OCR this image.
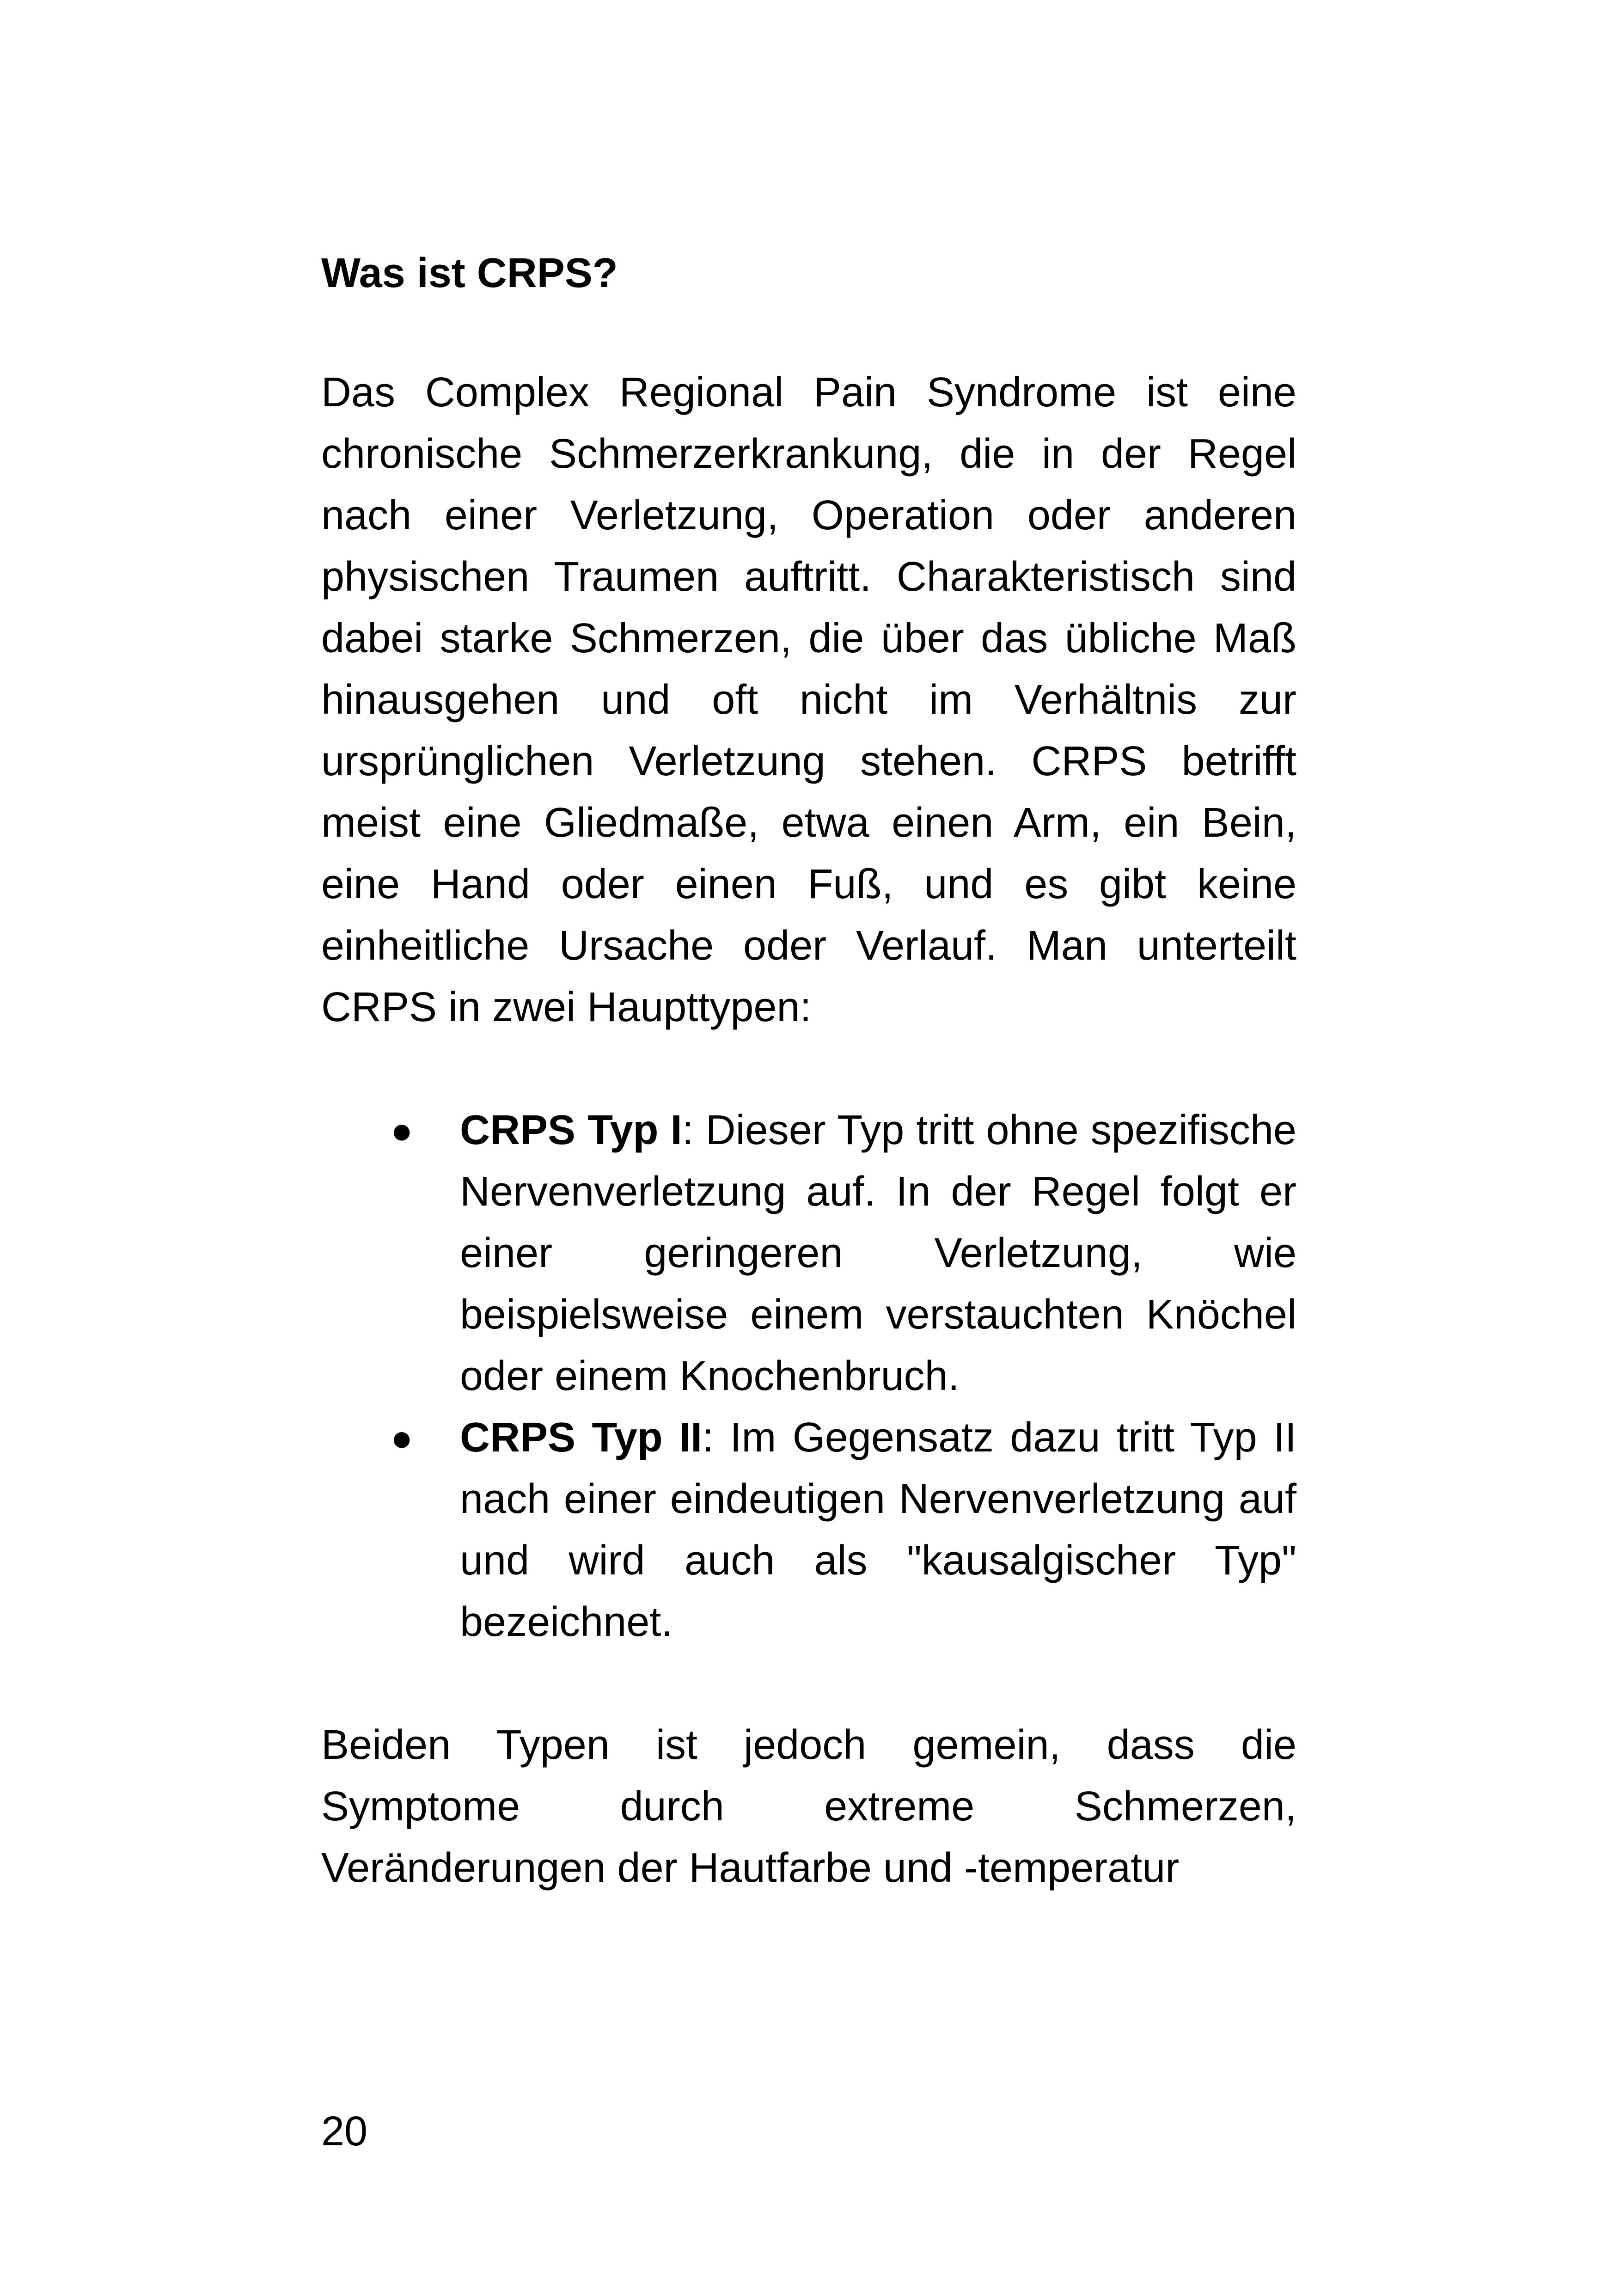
Was ist CRPS?

Das Complex Regional Pain Syndrome ist eine chronische Schmerzerkrankung, die in der Regel nach einer Verletzung, Operation oder anderen physischen Traumen auftritt. Charakteristisch sind dabei starke Schmerzen, die über das übliche Maß hinausgehen und oft nicht im Verhältnis zur ursprünglichen Verletzung stehen. CRPS betrifft meist eine Gliedmaße, etwa einen Arm, ein Bein, eine Hand oder einen Fuß, und es gibt keine einheitliche Ursache oder Verlauf. Man unterteilt CRPS in zwei Haupttypen:

● CRPS Typ I: Dieser Typ tritt ohne spezifische Nervenverletzung auf. In der Regel folgt er einer geringeren Verletzung, wie beispielsweise einem verstauchten Knöchel oder einem Knochenbruch.
● CRPS Typ II: Im Gegensatz dazu tritt Typ II nach einer eindeutigen Nervenverletzung auf und wird auch als "kausalgischer Typ" bezeichnet.

Beiden Typen ist jedoch gemein, dass die Symptome durch extreme Schmerzen, Veränderungen der Hautfarbe und -temperatur

20
